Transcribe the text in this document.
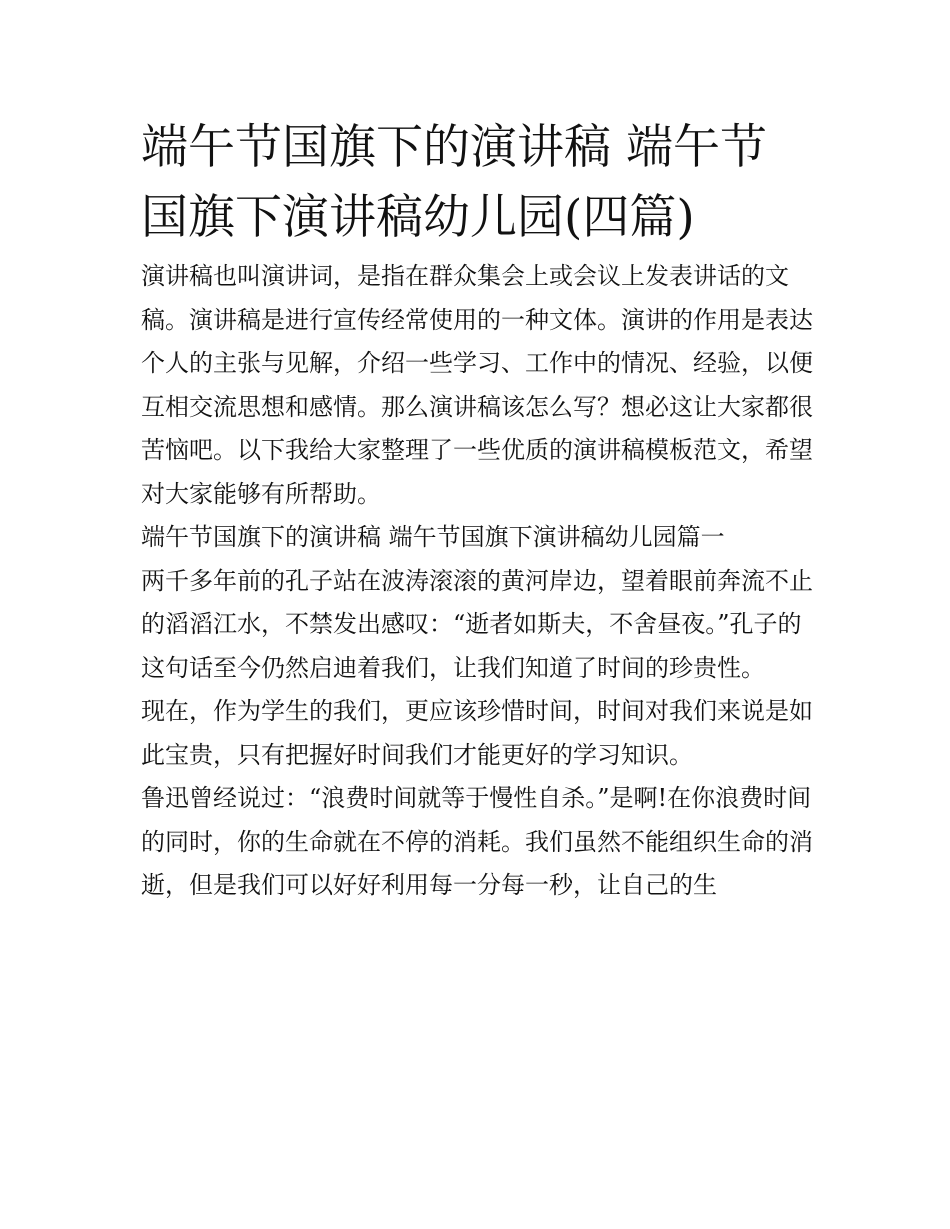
端午节国旗下的演讲稿 端午节国旗下演讲稿幼儿园(四篇)

演讲稿也叫演讲词，是指在群众集会上或会议上发表讲话的文稿。演讲稿是进行宣传经常使用的一种文体。演讲的作用是表达个人的主张与见解，介绍一些学习、工作中的情况、经验，以便互相交流思想和感情。那么演讲稿该怎么写？想必这让大家都很苦恼吧。以下我给大家整理了一些优质的演讲稿模板范文，希望对大家能够有所帮助。

端午节国旗下的演讲稿 端午节国旗下演讲稿幼儿园篇一

两千多年前的孔子站在波涛滚滚的黄河岸边，望着眼前奔流不止的滔滔江水，不禁发出感叹：“逝者如斯夫，不舍昼夜。”孔子的这句话至今仍然启迪着我们，让我们知道了时间的珍贵性。

现在，作为学生的我们，更应该珍惜时间，时间对我们来说是如此宝贵，只有把握好时间我们才能更好的学习知识。

鲁迅曾经说过：“浪费时间就等于慢性自杀。”是啊!在你浪费时间的同时，你的生命就在不停的消耗。我们虽然不能组织生命的消逝，但是我们可以好好利用每一分每一秒，让自己的生
